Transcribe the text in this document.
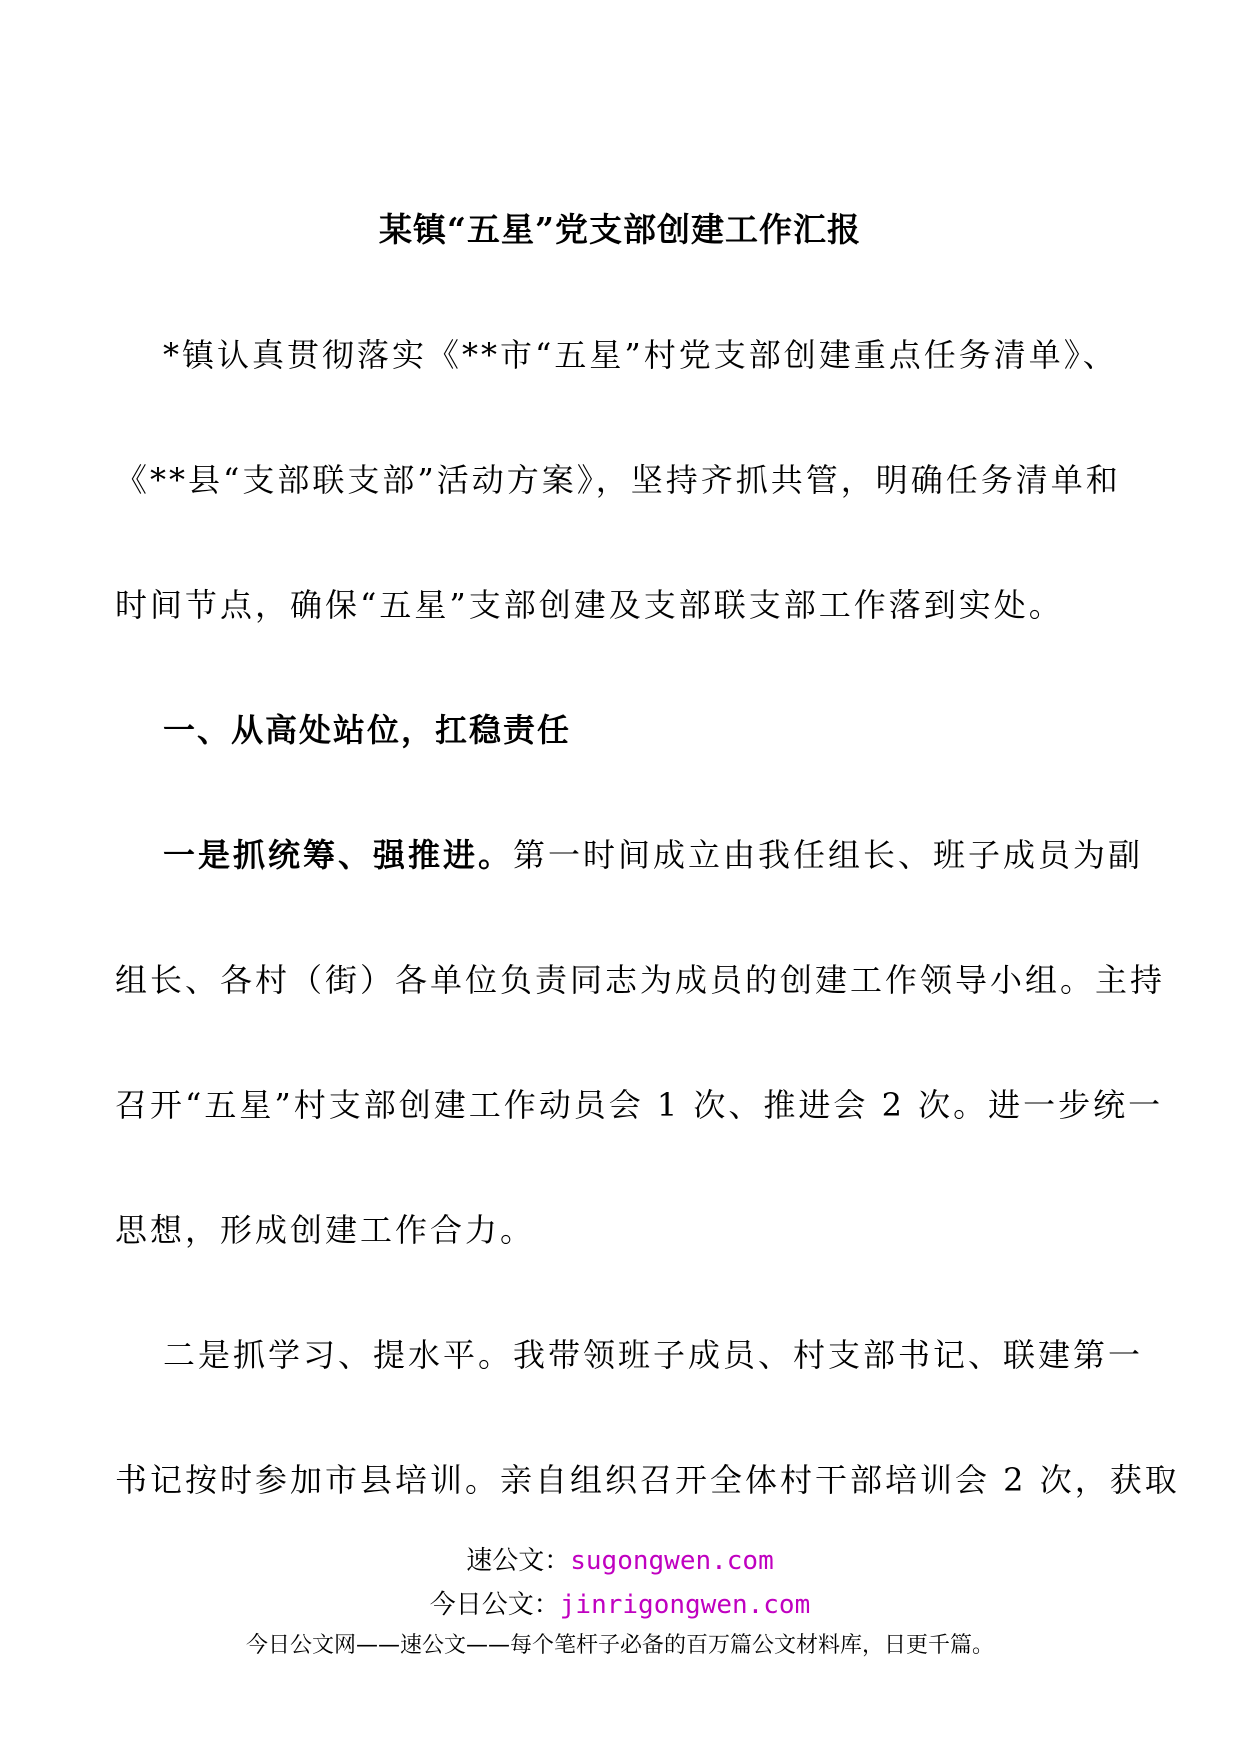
某镇“五星”党支部创建工作汇报
*镇认真贯彻落实《**市“五星”村党支部创建重点任务清单》、
《**县“支部联支部”活动方案》，坚持齐抓共管，明确任务清单和
时间节点，确保“五星”支部创建及支部联支部工作落到实处。
一、从高处站位，扛稳责任
一是抓统筹、强推进。第一时间成立由我任组长、班子成员为副
组长、各村（街）各单位负责同志为成员的创建工作领导小组。主持
召开“五星”村支部创建工作动员会 1 次、推进会 2 次。进一步统一
思想，形成创建工作合力。
二是抓学习、提水平。我带领班子成员、村支部书记、联建第一
书记按时参加市县培训。亲自组织召开全体村干部培训会 2 次，获取
速公文：sugongwen.com
今日公文：jinrigongwen.com
今日公文网——速公文——每个笔杆子必备的百万篇公文材料库，日更千篇。
